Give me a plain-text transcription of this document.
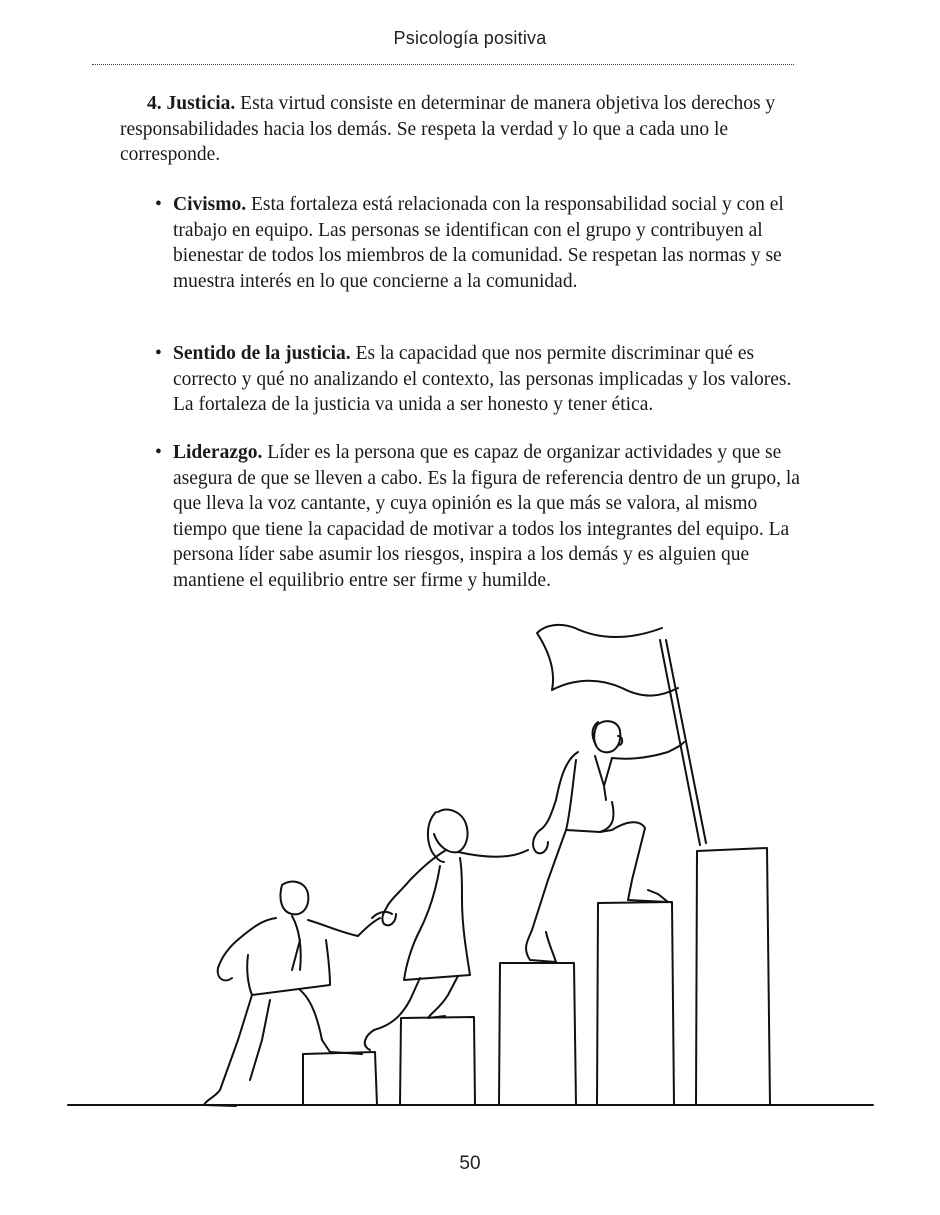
Psicología positiva

4. Justicia. Esta virtud consiste en determinar de manera objetiva los derechos y responsabilidades hacia los demás. Se respeta la verdad y lo que a cada uno le corresponde.

• Civismo. Esta fortaleza está relacionada con la responsabilidad social y con el trabajo en equipo. Las personas se identifican con el grupo y contribuyen al bienestar de todos los miembros de la comunidad. Se respetan las normas y se muestra interés en lo que concierne a la comunidad.
• Sentido de la justicia. Es la capacidad que nos permite discriminar qué es correcto y qué no analizando el contexto, las personas implicadas y los valores. La fortaleza de la justicia va unida a ser honesto y tener ética.
• Liderazgo. Líder es la persona que es capaz de organizar actividades y que se asegura de que se lleven a cabo. Es la figura de referencia dentro de un grupo, la que lleva la voz cantante, y cuya opinión es la que más se valora, al mismo tiempo que tiene la capacidad de motivar a todos los integrantes del equipo. La persona líder sabe asumir los riesgos, inspira a los demás y es alguien que mantiene el equilibrio entre ser firme y humilde.
50
